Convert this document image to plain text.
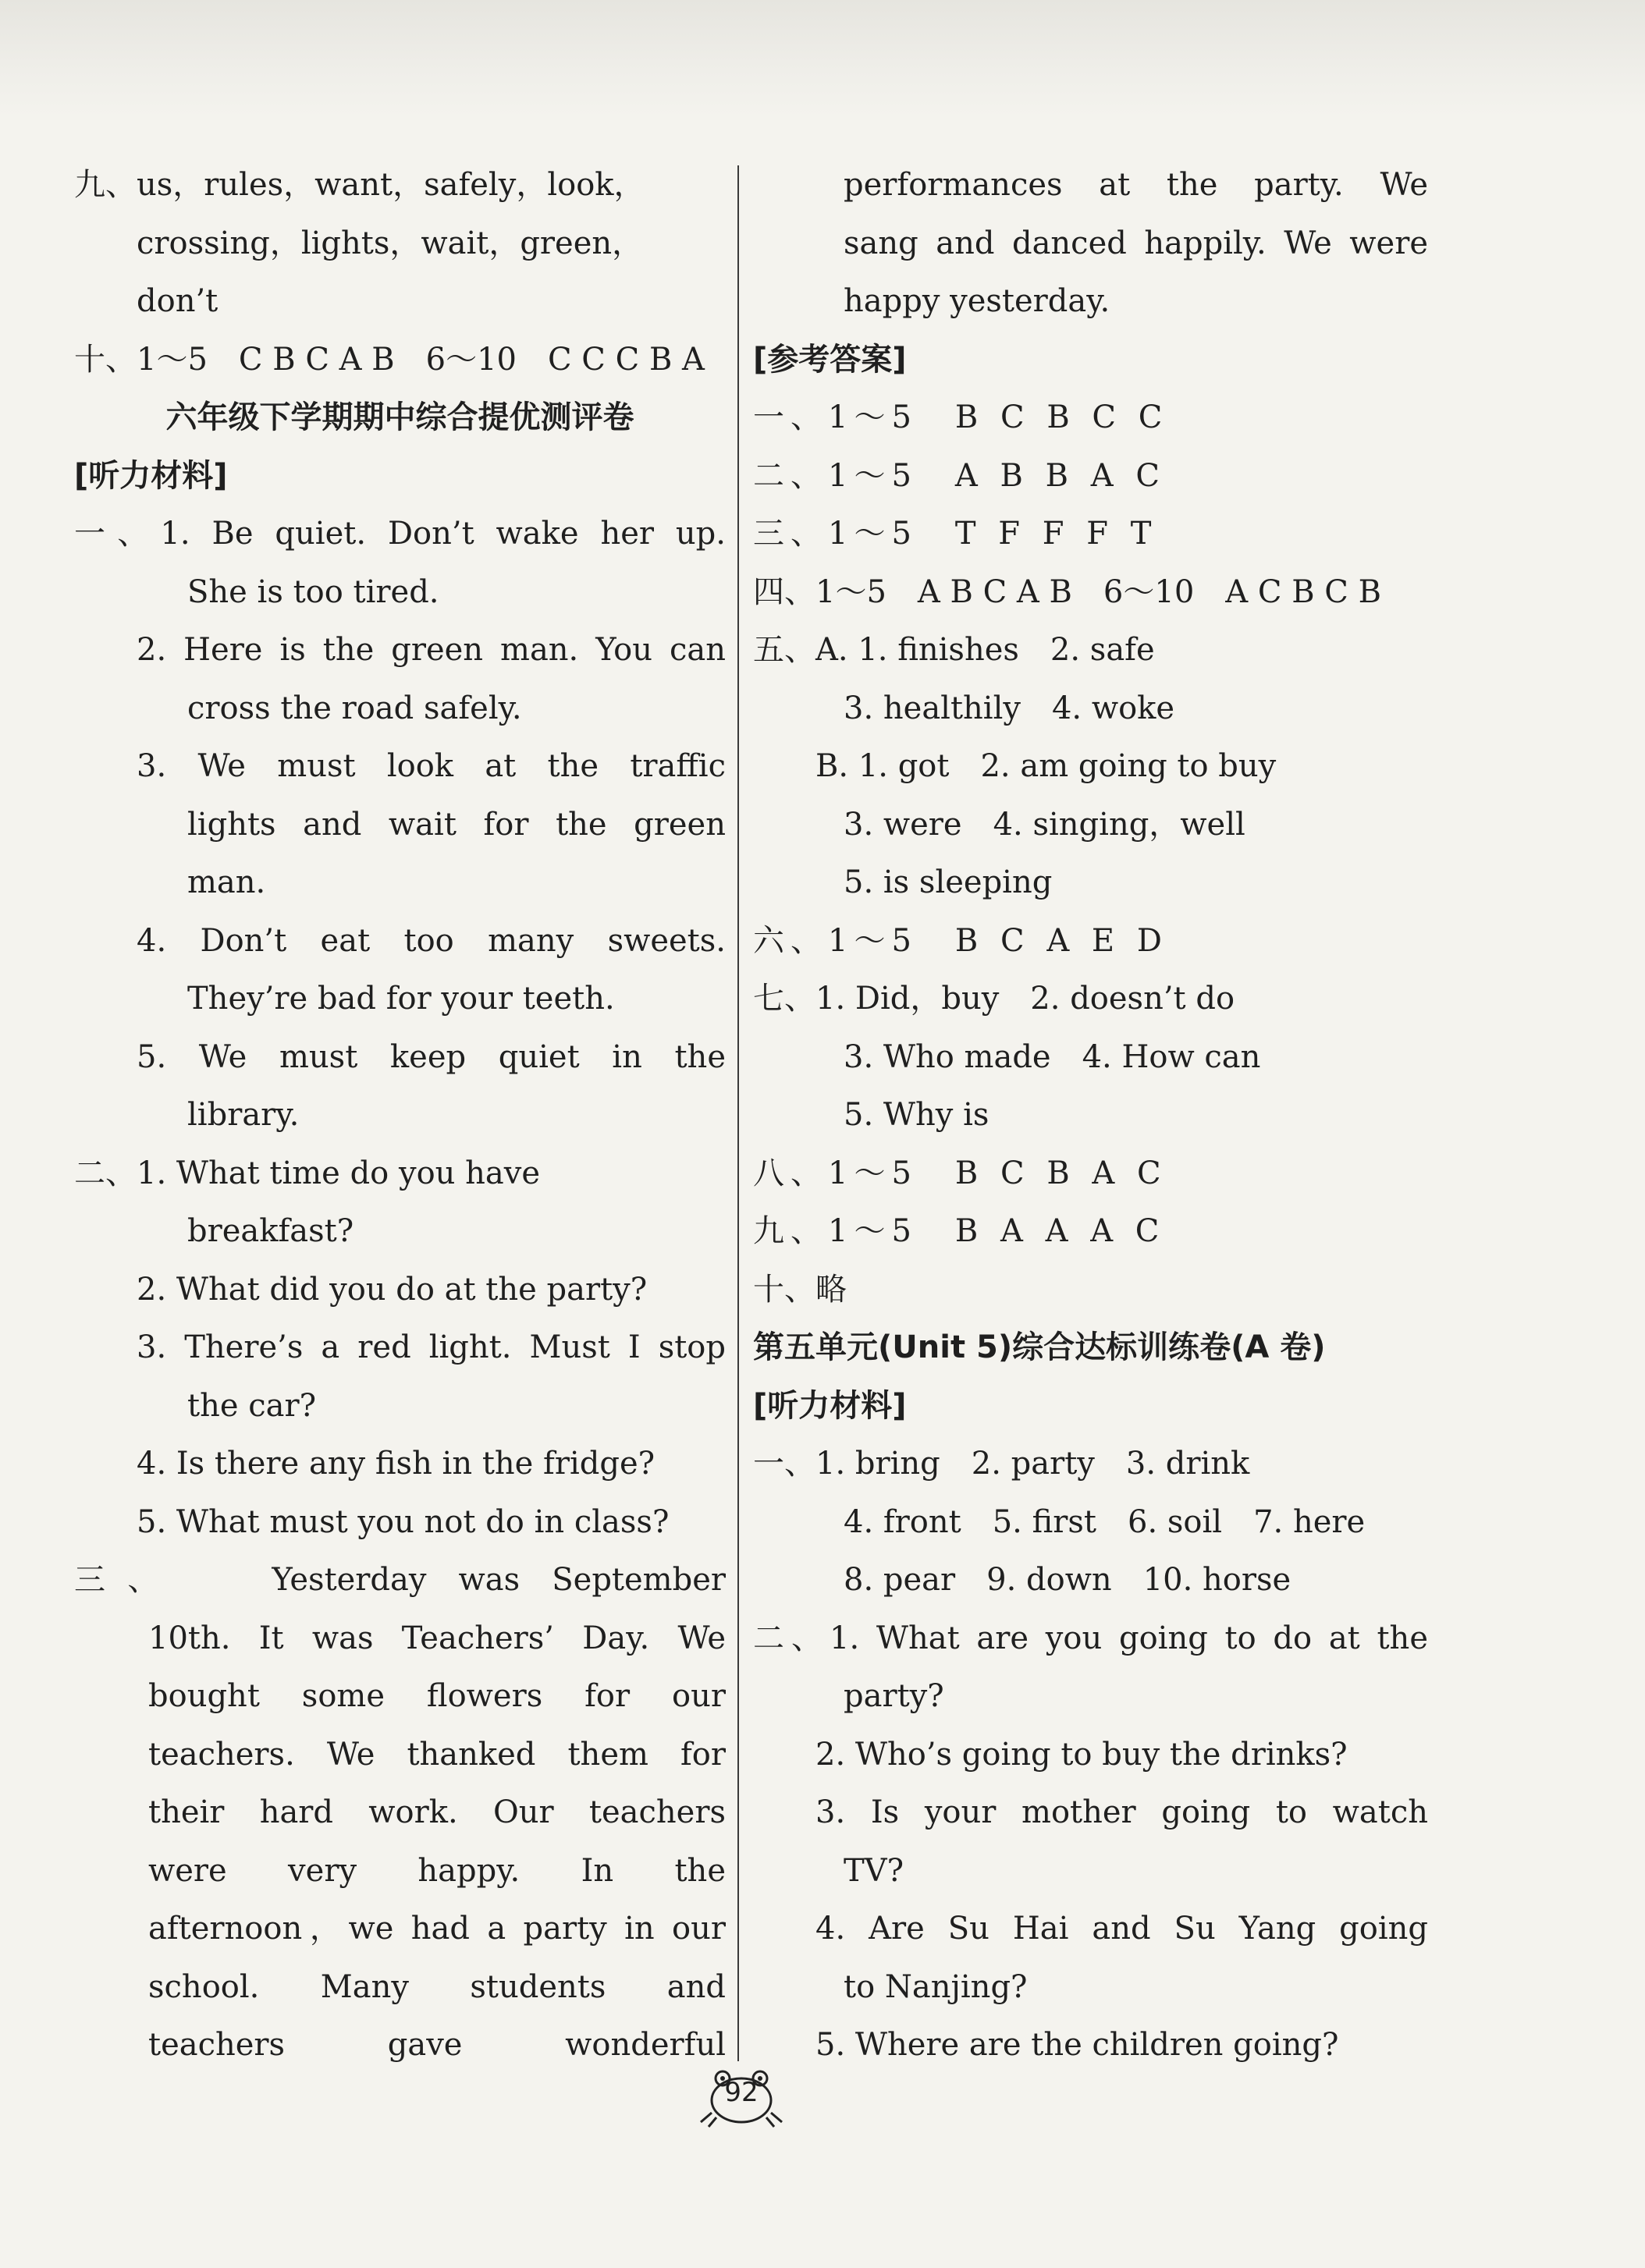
九、us，rules，want，safely，look，
crossing，lights，wait，green，
don’t
十、1～5　C B C A B　6～10　C C C B A
六年级下学期期中综合提优测评卷
[听力材料]
一、1. Be quiet. Don’t wake her up.
She is too tired.
2. Here is the green man. You can
cross the road safely.
3. We must look at the traffic
lights and wait for the green
man.
4. Don’t eat too many sweets.
They’re bad for your teeth.
5. We must keep quiet in the
library.
二、1. What time do you have
breakfast?
2. What did you do at the party?
3. There’s a red light. Must I stop
the car?
4. Is there any fish in the fridge?
5. What must you not do in class?
三、　　Yesterday was September
10th. It was Teachers’ Day. We
bought some flowers for our
teachers. We thanked them for
their hard work. Our teachers
were very happy. In the
afternoon，we had a party in our
school. Many students and
teachers gave wonderful
performances at the party. We
sang and danced happily. We were
happy yesterday.
[参考答案]
一、1～5　B C B C C
二、1～5　A B B A C
三、1～5　T F F F T
四、1～5　A B C A B　6～10　A C B C B
五、A. 1. finishes　2. safe
3. healthily　4. woke
B. 1. got　2. am going to buy
3. were　4. singing，well
5. is sleeping
六、1～5　B C A E D
七、1. Did，buy　2. doesn’t do
3. Who made　4. How can
5. Why is
八、1～5　B C B A C
九、1～5　B A A A C
十、略
第五单元(Unit 5)综合达标训练卷(A 卷)
[听力材料]
一、1. bring　2. party　3. drink
4. front　5. first　6. soil　7. here
8. pear　9. down　10. horse
二、1. What are you going to do at the
party?
2. Who’s going to buy the drinks?
3. Is your mother going to watch
TV?
4. Are Su Hai and Su Yang going
to Nanjing?
5. Where are the children going?
92
